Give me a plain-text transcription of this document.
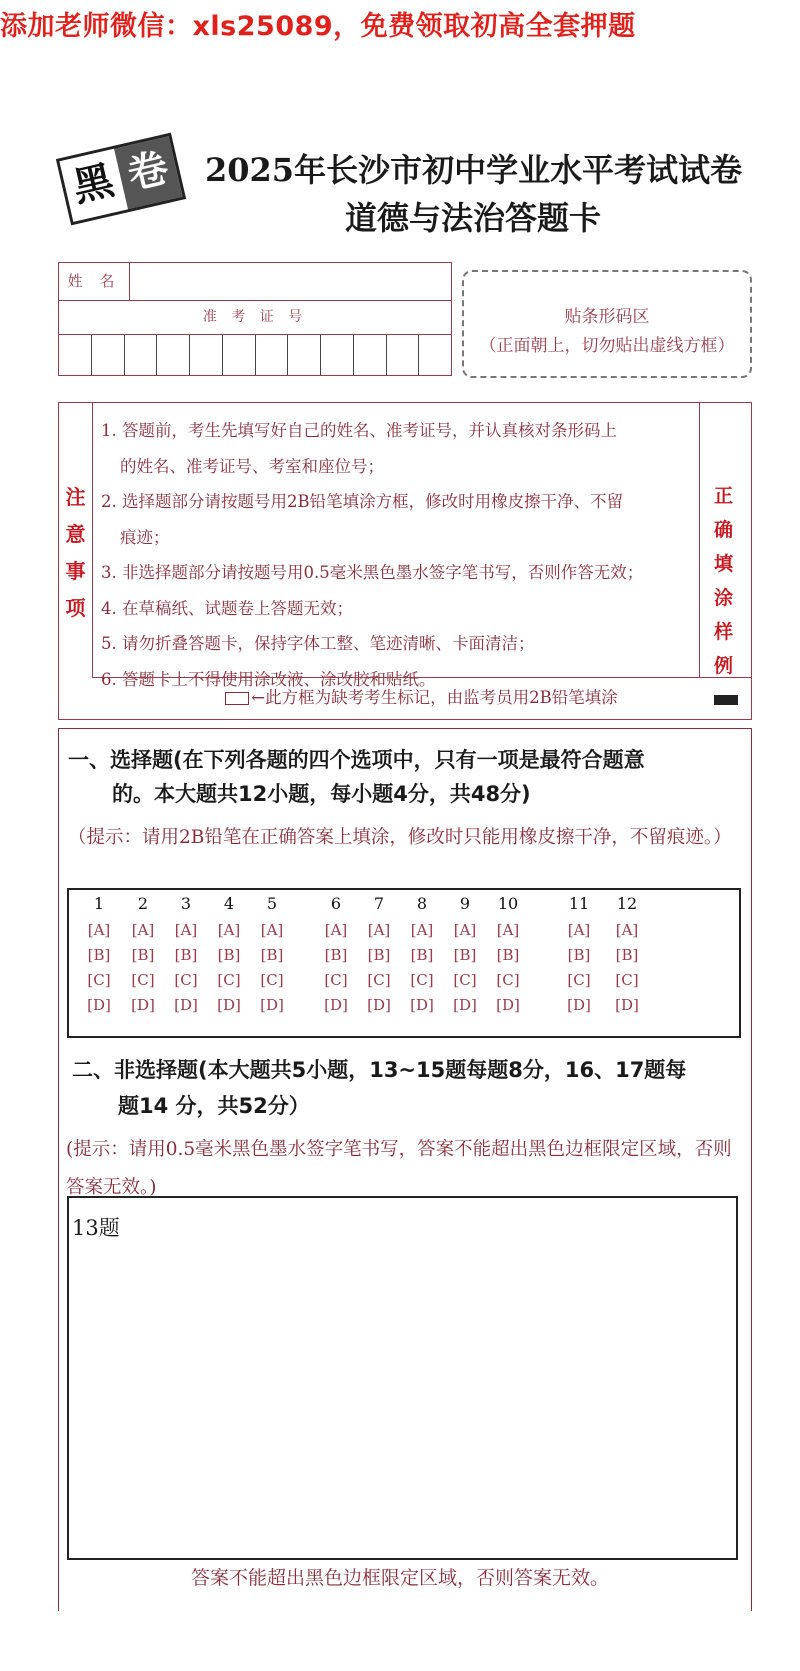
添加老师微信：xls25089，免费领取初高全套押题
黑 卷	2025年长沙市初中学业水平考试试卷
道德与法治答题卡
姓 名
准 考 证 号	贴条形码区
（正面朝上，切勿贴出虚线方框）
注
意
事
项
1. 答题前，考生先填写好自己的姓名、准考证号，并认真核对条形码上
的姓名、准考证号、考室和座位号；
2. 选择题部分请按题号用2B铅笔填涂方框，修改时用橡皮擦干净、不留
痕迹；
3. 非选择题部分请按题号用0.5毫米黑色墨水签字笔书写，否则作答无效；
4. 在草稿纸、试题卷上答题无效；
5. 请勿折叠答题卡，保持字体工整、笔迹清晰、卡面清洁；
6. 答题卡上不得使用涂改液、涂改胶和贴纸。
正 确
填 涂
样 例
←此方框为缺考考生标记，由监考员用2B铅笔填涂
一、选择题(在下列各题的四个选项中，只有一项是最符合题意
的。本大题共12小题，每小题4分，共48分)
（提示：请用2B铅笔在正确答案上填涂，修改时只能用橡皮擦干净，不留痕迹。）
1
[A]
[B]
[C]
[D]
2
[A]
[B]
[C]
[D]
3
[A]
[B]
[C]
[D]
4
[A]
[B]
[C]
[D]
5
[A]
[B]
[C]
[D]
6
[A]
[B]
[C]
[D]
7
[A]
[B]
[C]
[D]
8
[A]
[B]
[C]
[D]
9
[A]
[B]
[C]
[D]
10
[A]
[B]
[C]
[D]
11
[A]
[B]
[C]
[D]
12
[A]
[B]
[C]
[D]
二、非选择题(本大题共5小题，13~15题每题8分，16、17题每
题14 分，共52分）
(提示：请用0.5毫米黑色墨水签字笔书写，答案不能超出黑色边框限定区域，否则答案无效。)
13题
答案不能超出黑色边框限定区域，否则答案无效。
